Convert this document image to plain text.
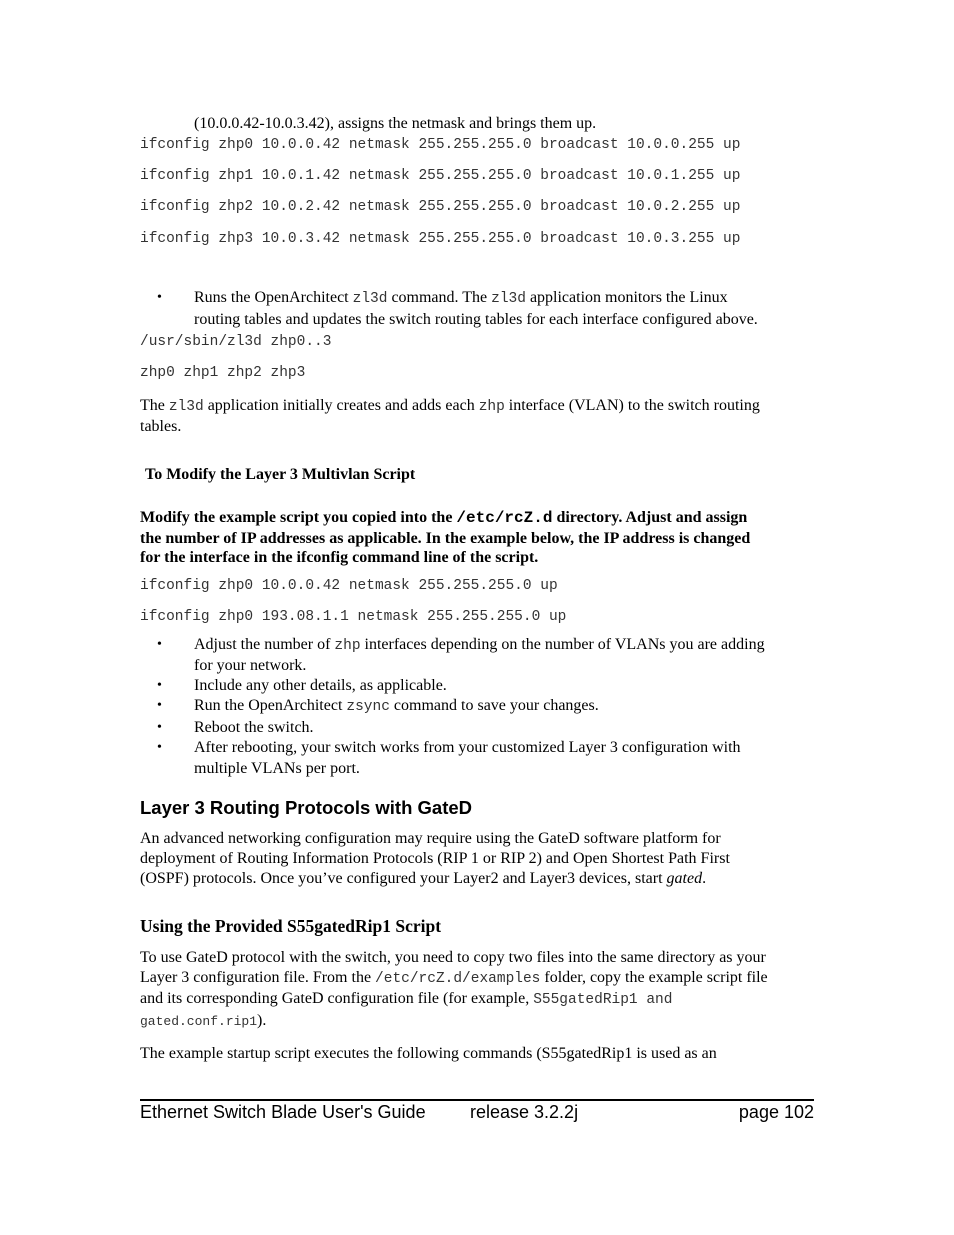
(10.0.0.42-10.0.3.42), assigns the netmask and brings them up.
ifconfig zhp0 10.0.0.42 netmask 255.255.255.0 broadcast 10.0.0.255 up
ifconfig zhp1 10.0.1.42 netmask 255.255.255.0 broadcast 10.0.1.255 up
ifconfig zhp2 10.0.2.42 netmask 255.255.255.0 broadcast 10.0.2.255 up
ifconfig zhp3 10.0.3.42 netmask 255.255.255.0 broadcast 10.0.3.255 up
• Runs the OpenArchitect zl3d command. The zl3d application monitors the Linux
routing tables and updates the switch routing tables for each interface configured above.
/usr/sbin/zl3d zhp0..3
zhp0 zhp1 zhp2 zhp3
The zl3d application initially creates and adds each zhp interface (VLAN) to the switch routing
tables.
To Modify the Layer 3 Multivlan Script
Modify the example script you copied into the /etc/rcZ.d directory. Adjust and assign
the number of IP addresses as applicable. In the example below, the IP address is changed
for the interface in the ifconfig command line of the script.
ifconfig zhp0 10.0.0.42 netmask 255.255.255.0 up
ifconfig zhp0 193.08.1.1 netmask 255.255.255.0 up
• Adjust the number of zhp interfaces depending on the number of VLANs you are adding
for your network.
• Include any other details, as applicable.
• Run the OpenArchitect zsync command to save your changes.
• Reboot the switch.
• After rebooting, your switch works from your customized Layer 3 configuration with
multiple VLANs per port.
Layer 3 Routing Protocols with GateD
An advanced networking configuration may require using the GateD software platform for
deployment of Routing Information Protocols (RIP 1 or RIP 2) and Open Shortest Path First
(OSPF) protocols. Once you’ve configured your Layer2 and Layer3 devices, start gated.
Using the Provided S55gatedRip1 Script
To use GateD protocol with the switch, you need to copy two files into the same directory as your
Layer 3 configuration file. From the /etc/rcZ.d/examples folder, copy the example script file
and its corresponding GateD configuration file (for example, S55gatedRip1 and
gated.conf.rip1).
The example startup script executes the following commands (S55gatedRip1 is used as an
Ethernet Switch Blade User's Guide release 3.2.2j	page 102
